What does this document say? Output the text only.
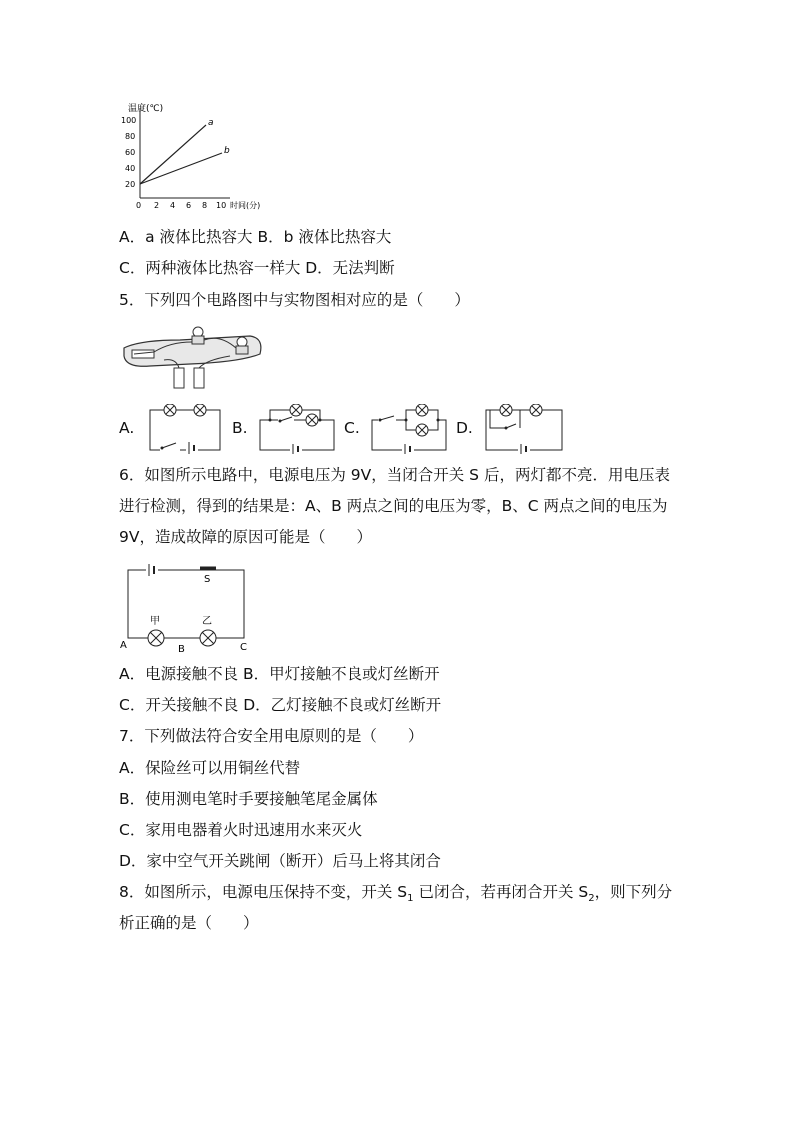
温度(℃)
100
80
60
40
20
0 2 4 6 8 10 时间(分)
a
b
A．a 液体比热容大 B．b 液体比热容大
C．两种液体比热容一样大 D．无法判断
5．下列四个电路图中与实物图相对应的是（　　）
A.	B.	C.	D.
6．如图所示电路中，电源电压为 9V，当闭合开关 S 后，两灯都不亮．用电压表
进行检测，得到的结果是：A、B 两点之间的电压为零，B、C 两点之间的电压为
9V，造成故障的原因可能是（　　）
S
甲	乙
A	B	C
A．电源接触不良 B．甲灯接触不良或灯丝断开
C．开关接触不良 D．乙灯接触不良或灯丝断开
7．下列做法符合安全用电原则的是（　　）
A．保险丝可以用铜丝代替
B．使用测电笔时手要接触笔尾金属体
C．家用电器着火时迅速用水来灭火
D．家中空气开关跳闸（断开）后马上将其闭合
8．如图所示，电源电压保持不变，开关 $S_1$ 已闭合，若再闭合开关 $S_2$，则下列分
析正确的是（　　）
